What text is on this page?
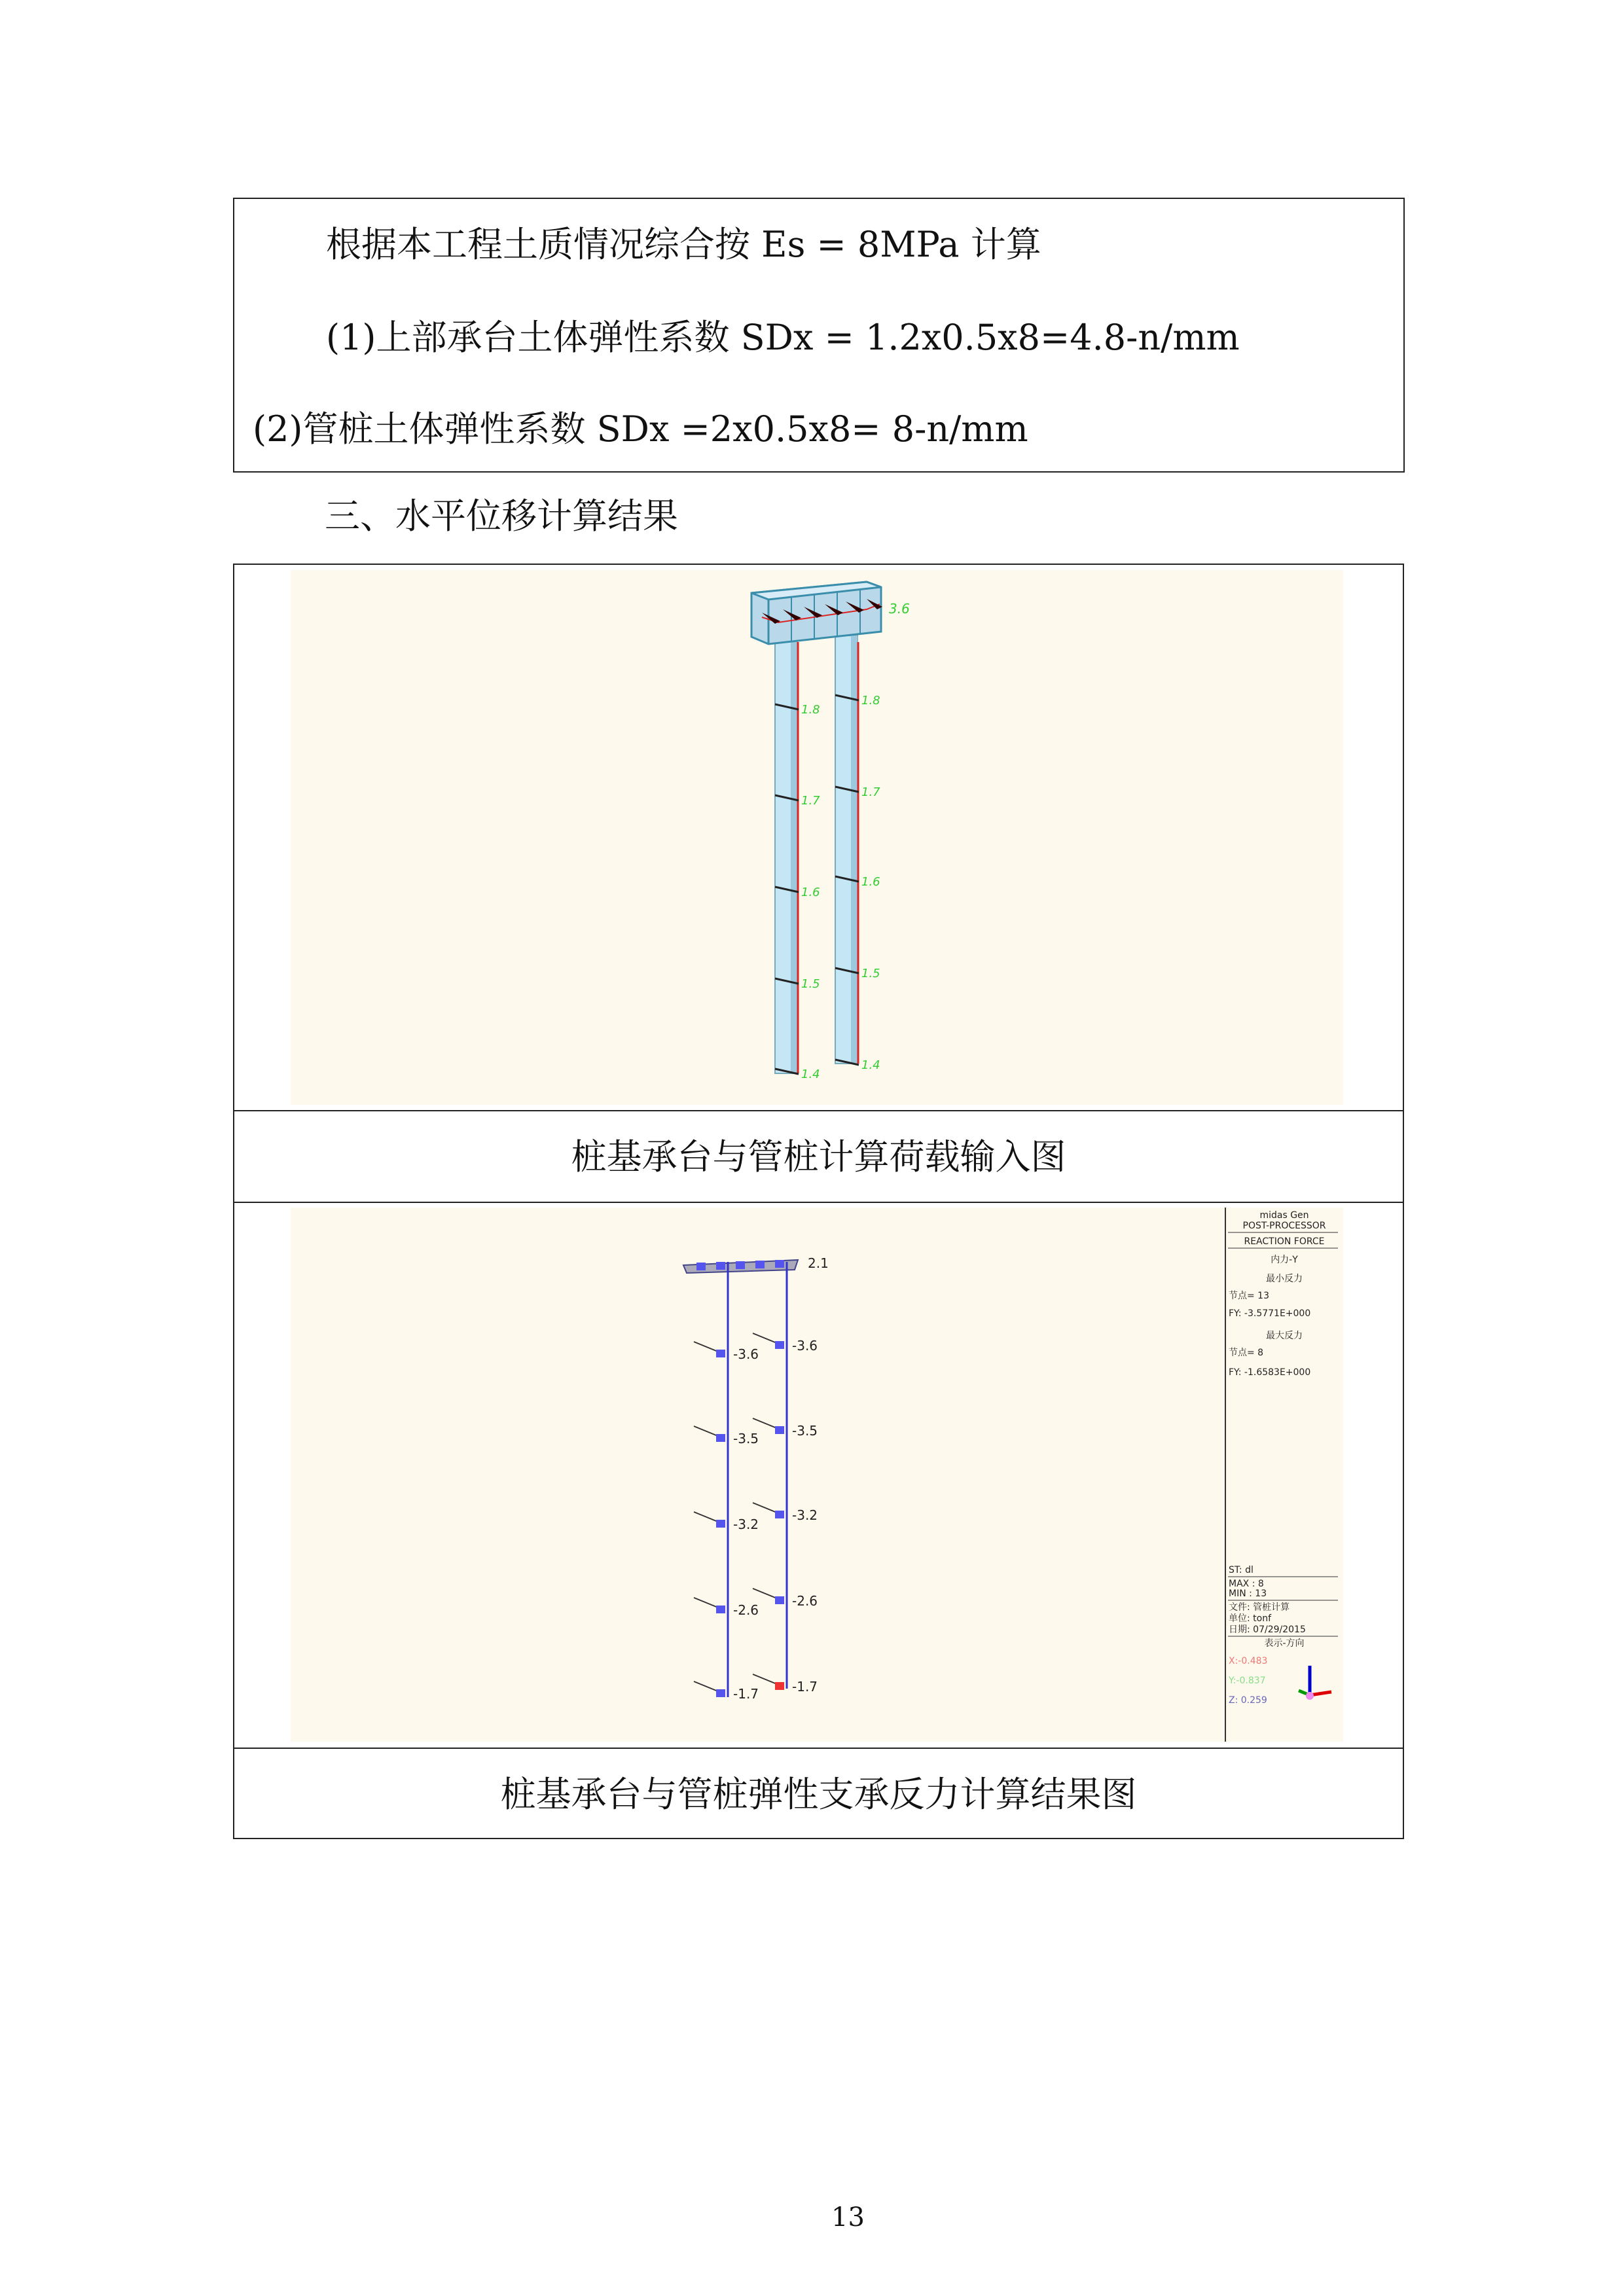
根据本工程土质情况综合按 Es = 8MPa 计算
(1)上部承台土体弹性系数 SDx = 1.2x0.5x8=4.8-n/mm
(2)管桩土体弹性系数 SDx =2x0.5x8= 8-n/mm
三、水平位移计算结果
3.6
1.8
1.7
1.6
1.5
1.4
1.8
1.7
1.6
1.5
1.4
桩基承台与管桩计算荷载输入图
2.1
-3.6
-3.5
-3.2
-2.6
-1.7
-3.6
-3.5
-3.2
-2.6
-1.7
midas Gen
POST-PROCESSOR
REACTION FORCE
内力-Y
最小反力
节点= 13
FY: -3.5771E+000
最大反力
节点= 8
FY: -1.6583E+000
ST: dl
MAX : 8
MIN : 13
文件: 管桩计算
单位: tonf
日期: 07/29/2015
表示-方向
X:-0.483
Y:-0.837
Z: 0.259
桩基承台与管桩弹性支承反力计算结果图
13
